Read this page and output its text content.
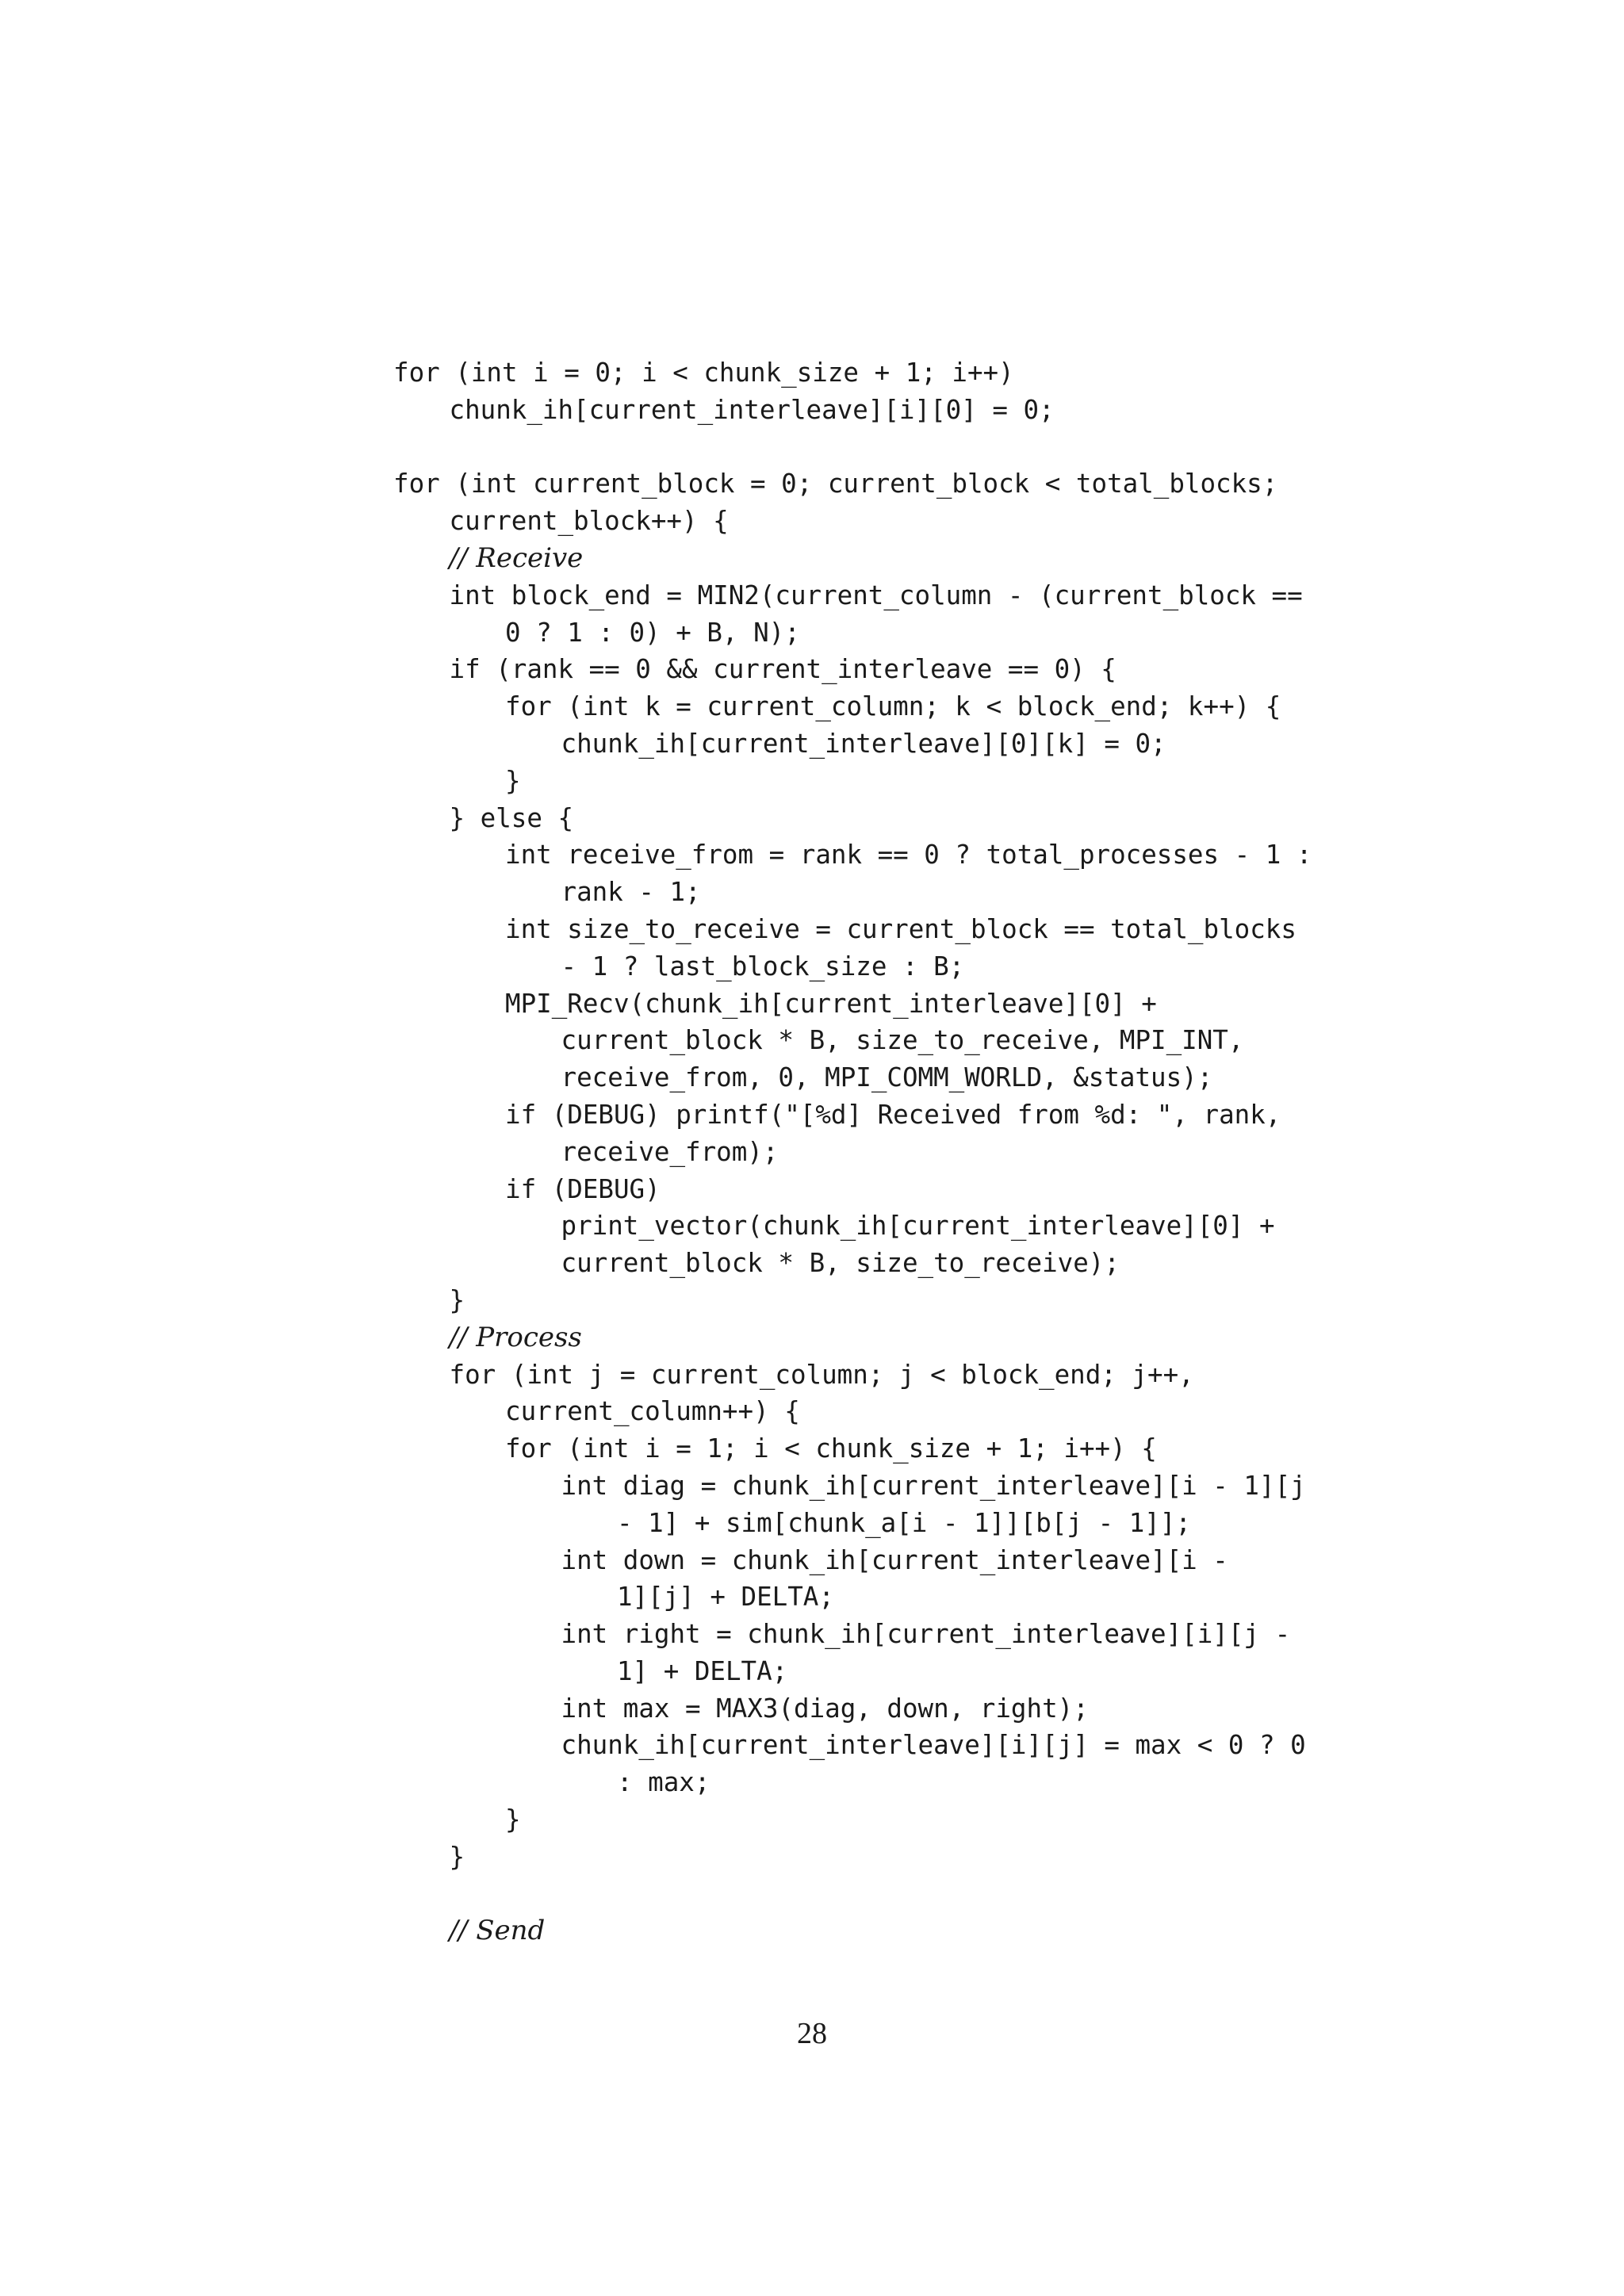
for (int i = 0; i < chunk_size + 1; i++)
chunk_ih[current_interleave][i][0] = 0;
for (int current_block = 0; current_block < total_blocks;
current_block++) {
// Receive
int block_end = MIN2(current_column - (current_block ==
0 ? 1 : 0) + B, N);
if (rank == 0 && current_interleave == 0) {
for (int k = current_column; k < block_end; k++) {
chunk_ih[current_interleave][0][k] = 0;
}
} else {
int receive_from = rank == 0 ? total_processes - 1 :
rank - 1;
int size_to_receive = current_block == total_blocks
- 1 ? last_block_size : B;
MPI_Recv(chunk_ih[current_interleave][0] +
current_block * B, size_to_receive, MPI_INT,
receive_from, 0, MPI_COMM_WORLD, &status);
if (DEBUG) printf("[%d] Received from %d: ", rank,
receive_from);
if (DEBUG)
print_vector(chunk_ih[current_interleave][0] +
current_block * B, size_to_receive);
}
// Process
for (int j = current_column; j < block_end; j++,
current_column++) {
for (int i = 1; i < chunk_size + 1; i++) {
int diag = chunk_ih[current_interleave][i - 1][j
- 1] + sim[chunk_a[i - 1]][b[j - 1]];
int down = chunk_ih[current_interleave][i -
1][j] + DELTA;
int right = chunk_ih[current_interleave][i][j -
1] + DELTA;
int max = MAX3(diag, down, right);
chunk_ih[current_interleave][i][j] = max < 0 ? 0
: max;
}
}
// Send
28
